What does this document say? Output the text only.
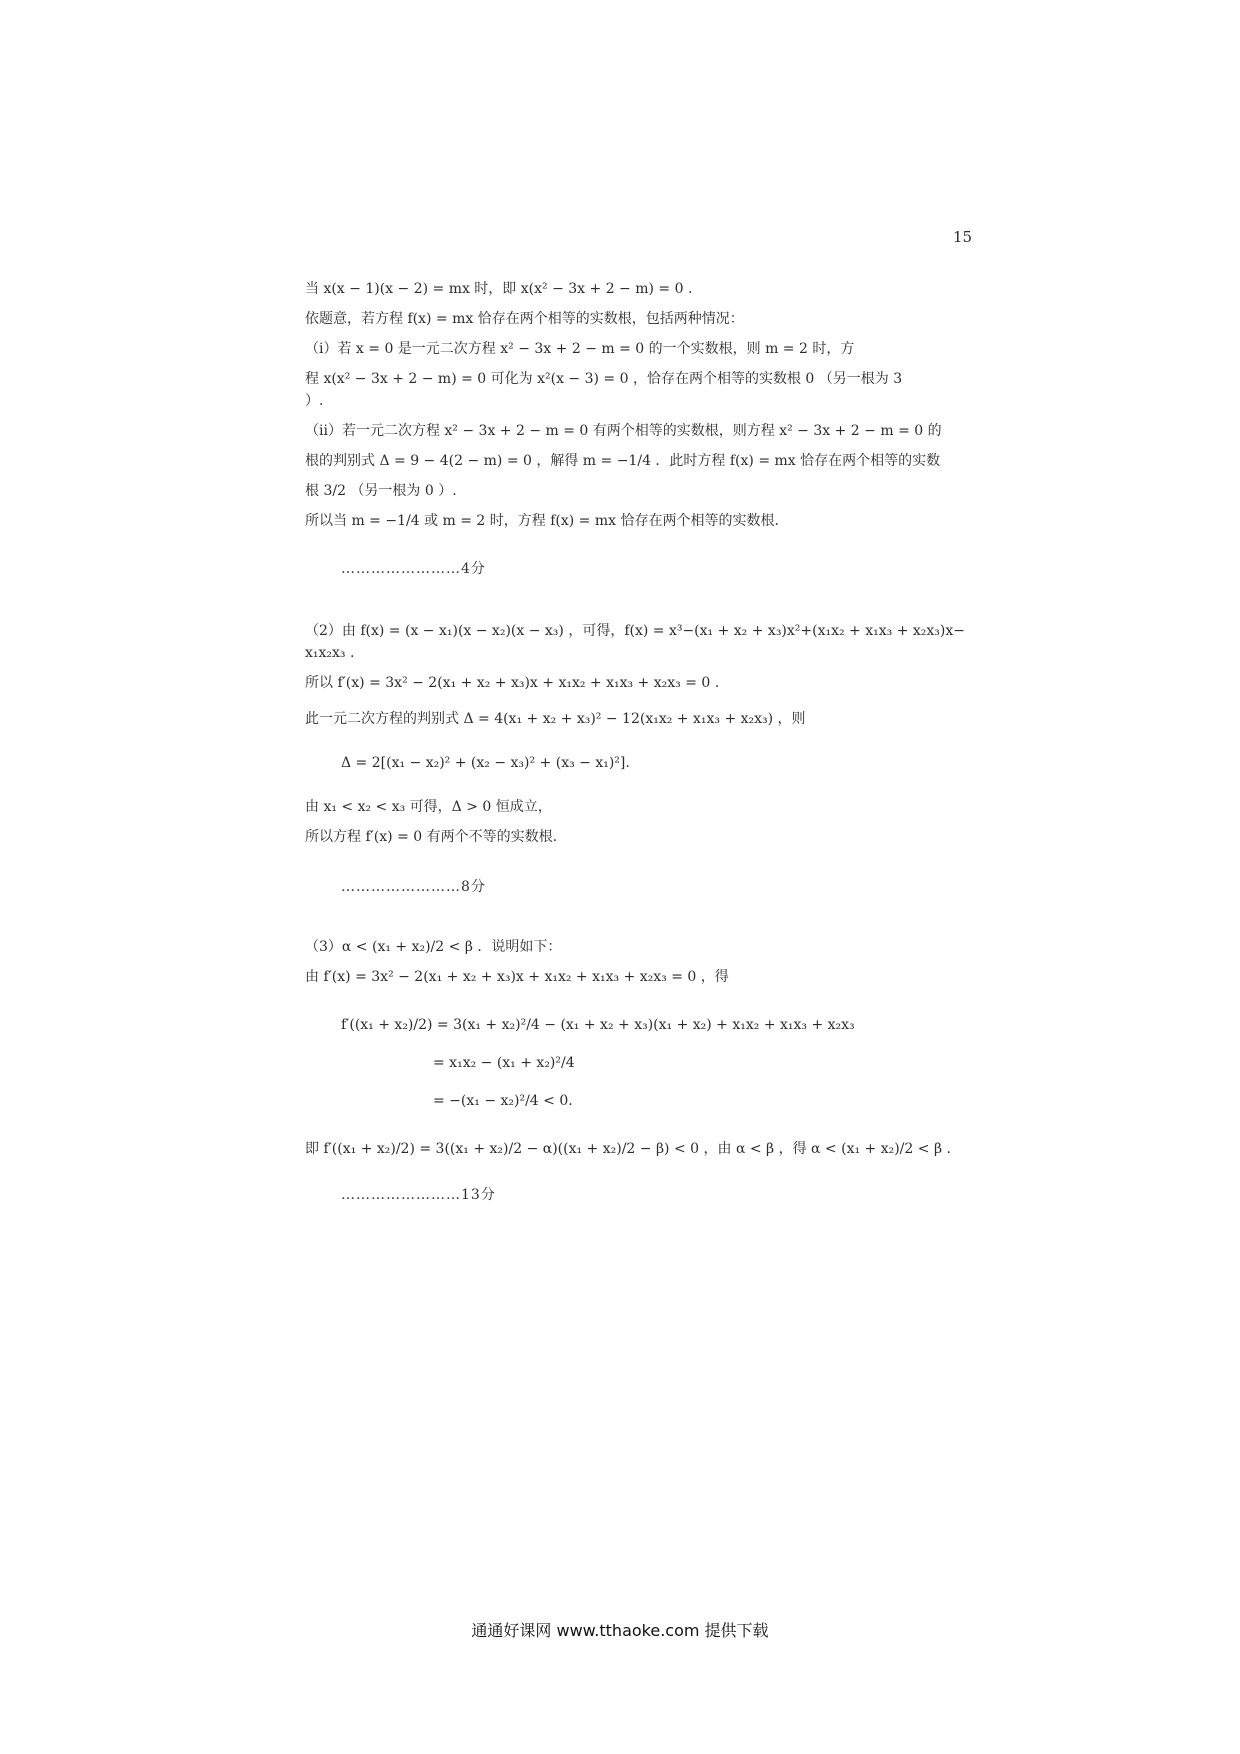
15

当 x(x − 1)(x − 2) = mx 时，即 x(x² − 3x + 2 − m) = 0 .

依题意，若方程 f(x) = mx 恰存在两个相等的实数根，包括两种情况：

（i）若 x = 0 是一元二次方程 x² − 3x + 2 − m = 0 的一个实数根，则 m = 2 时，方

程 x(x² − 3x + 2 − m) = 0 可化为 x²(x − 3) = 0 ，恰存在两个相等的实数根 0 （另一根为 3

）.

（ii）若一元二次方程 x² − 3x + 2 − m = 0 有两个相等的实数根，则方程 x² − 3x + 2 − m = 0 的

根的判别式 Δ = 9 − 4(2 − m) = 0 ，解得 m = −1/4 ．此时方程 f(x) = mx 恰存在两个相等的实数

根 3/2 （另一根为 0 ）.

所以当 m = −1/4 或 m = 2 时，方程 f(x) = mx 恰存在两个相等的实数根.

……………………4分

（2）由 f(x) = (x − x₁)(x − x₂)(x − x₃) ，可得，f(x) = x³−(x₁ + x₂ + x₃)x²+(x₁x₂ + x₁x₃ + x₂x₃)x−

x₁x₂x₃ .

所以 f′(x) = 3x² − 2(x₁ + x₂ + x₃)x + x₁x₂ + x₁x₃ + x₂x₃ = 0 .

此一元二次方程的判别式 Δ = 4(x₁ + x₂ + x₃)² − 12(x₁x₂ + x₁x₃ + x₂x₃) ，则

Δ = 2[(x₁ − x₂)² + (x₂ − x₃)² + (x₃ − x₁)²].

由 x₁ < x₂ < x₃ 可得，Δ > 0 恒成立，

所以方程 f′(x) = 0 有两个不等的实数根.

……………………8分

（3）α < (x₁ + x₂)/2 < β ．说明如下：

由 f′(x) = 3x² − 2(x₁ + x₂ + x₃)x + x₁x₂ + x₁x₃ + x₂x₃ = 0 ，得

f′((x₁ + x₂)/2) = 3(x₁ + x₂)²/4 − (x₁ + x₂ + x₃)(x₁ + x₂) + x₁x₂ + x₁x₃ + x₂x₃

= x₁x₂ − (x₁ + x₂)²/4

= −(x₁ − x₂)²/4 < 0.

即 f′((x₁ + x₂)/2) = 3((x₁ + x₂)/2 − α)((x₁ + x₂)/2 − β) < 0 ，由 α < β ，得 α < (x₁ + x₂)/2 < β .

……………………13分

通通好课网 www.tthaoke.com 提供下载
